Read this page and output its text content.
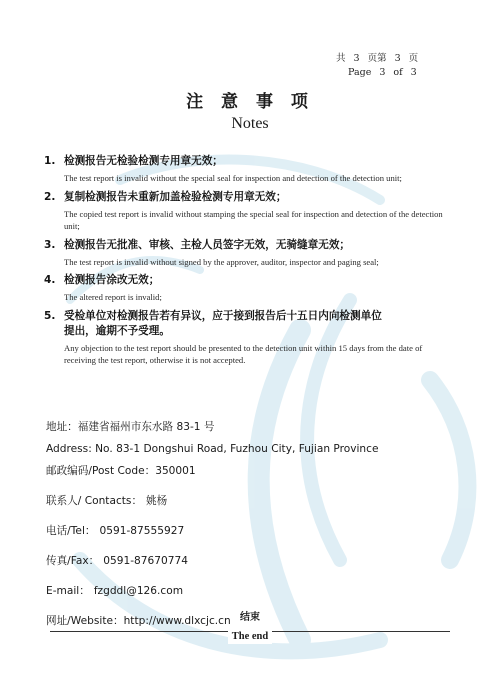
共 3 页第 3 页
Page 3 of 3
注 意 事 项
Notes
1. 检测报告无检验检测专用章无效；
The test report is invalid without the special seal for inspection and detection of the detection unit;
2. 复制检测报告未重新加盖检验检测专用章无效；
The copied test report is invalid without stamping the special seal for inspection and detection of the detection unit;
3. 检测报告无批准、审核、主检人员签字无效，无骑缝章无效；
The test report is invalid without signed by the approver, auditor, inspector and paging seal;
4. 检测报告涂改无效；
The altered report is invalid;
5. 受检单位对检测报告若有异议，应于接到报告后十五日内向检测单位
提出，逾期不予受理。
Any objection to the test report should be presented to the detection unit within 15 days from the date of receiving the test report, otherwise it is not accepted.
地址：福建省福州市东水路 83-1 号
Address: No. 83-1 Dongshui Road, Fuzhou City, Fujian Province
邮政编码/Post Code：350001
联系人/ Contacts： 姚杨
电话/Tel： 0591-87555927
传真/Fax： 0591-87670774
E-mail： fzgddl@126.com
网址/Website：http://www.dlxcjc.cn 结束
The end
